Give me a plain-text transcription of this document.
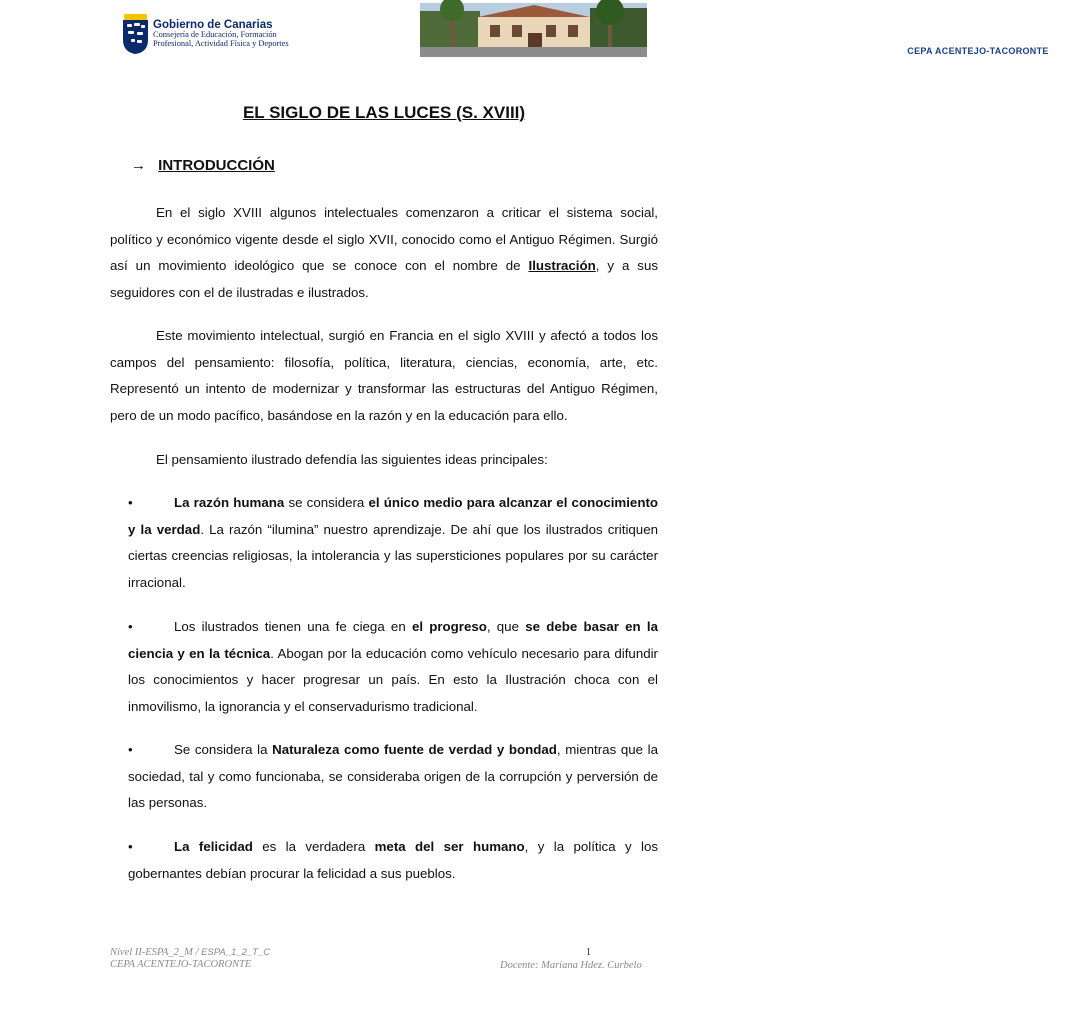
Gobierno de Canarias
Consejería de Educación, Formación
Profesional, Actividad Física y Deportes
CEPA ACENTEJO-TACORONTE
EL SIGLO DE LAS LUCES (S. XVIII)
→ INTRODUCCIÓN

En el siglo XVIII algunos intelectuales comenzaron a criticar el sistema social, político y económico vigente desde el siglo XVII, conocido como el Antiguo Régimen. Surgió así un movimiento ideológico que se conoce con el nombre de Ilustración, y a sus seguidores con el de ilustradas e ilustrados.

Este movimiento intelectual, surgió en Francia en el siglo XVIII y afectó a todos los campos del pensamiento: filosofía, política, literatura, ciencias, economía, arte, etc. Representó un intento de modernizar y transformar las estructuras del Antiguo Régimen, pero de un modo pacífico, basándose en la razón y en la educación para ello.

El pensamiento ilustrado defendía las siguientes ideas principales:

•	La razón humana se considera el único medio para alcanzar el conocimiento y la verdad. La razón “ilumina” nuestro aprendizaje. De ahí que los ilustrados critiquen ciertas creencias religiosas, la intolerancia y las supersticiones populares por su carácter irracional.

•	Los ilustrados tienen una fe ciega en el progreso, que se debe basar en la ciencia y en la técnica. Abogan por la educación como vehículo necesario para difundir los conocimientos y hacer progresar un país. En esto la Ilustración choca con el inmovilismo, la ignorancia y el conservadurismo tradicional.

•	Se considera la Naturaleza como fuente de verdad y bondad, mientras que la sociedad, tal y como funcionaba, se consideraba origen de la corrupción y perversión de las personas.

•	La felicidad es la verdadera meta del ser humano, y la política y los gobernantes debían procurar la felicidad a sus pueblos.

Nivel II-ESPA_2_M / ESPA_1_2_T_C
CEPA ACENTEJO-TACORONTE
1
Docente: Mariana Hdez. Curbelo
